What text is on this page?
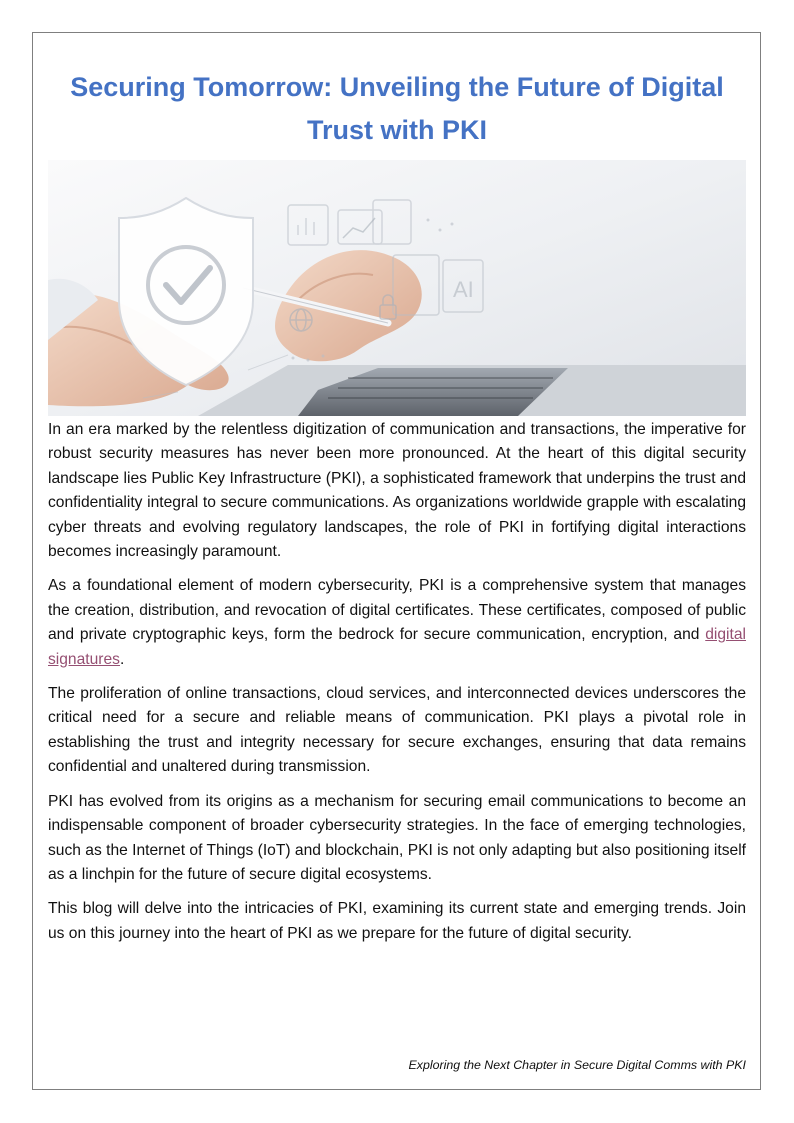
Securing Tomorrow: Unveiling the Future of Digital Trust with PKI
AI

In an era marked by the relentless digitization of communication and transactions, the imperative for robust security measures has never been more pronounced. At the heart of this digital security landscape lies Public Key Infrastructure (PKI), a sophisticated framework that underpins the trust and confidentiality integral to secure communications. As organizations worldwide grapple with escalating cyber threats and evolving regulatory landscapes, the role of PKI in fortifying digital interactions becomes increasingly paramount.

As a foundational element of modern cybersecurity, PKI is a comprehensive system that manages the creation, distribution, and revocation of digital certificates. These certificates, composed of public and private cryptographic keys, form the bedrock for secure communication, encryption, and digital signatures.

The proliferation of online transactions, cloud services, and interconnected devices underscores the critical need for a secure and reliable means of communication. PKI plays a pivotal role in establishing the trust and integrity necessary for secure exchanges, ensuring that data remains confidential and unaltered during transmission.

PKI has evolved from its origins as a mechanism for securing email communications to become an indispensable component of broader cybersecurity strategies. In the face of emerging technologies, such as the Internet of Things (IoT) and blockchain, PKI is not only adapting but also positioning itself as a linchpin for the future of secure digital ecosystems.

This blog will delve into the intricacies of PKI, examining its current state and emerging trends. Join us on this journey into the heart of PKI as we prepare for the future of digital security.

Exploring the Next Chapter in Secure Digital Comms with PKI
